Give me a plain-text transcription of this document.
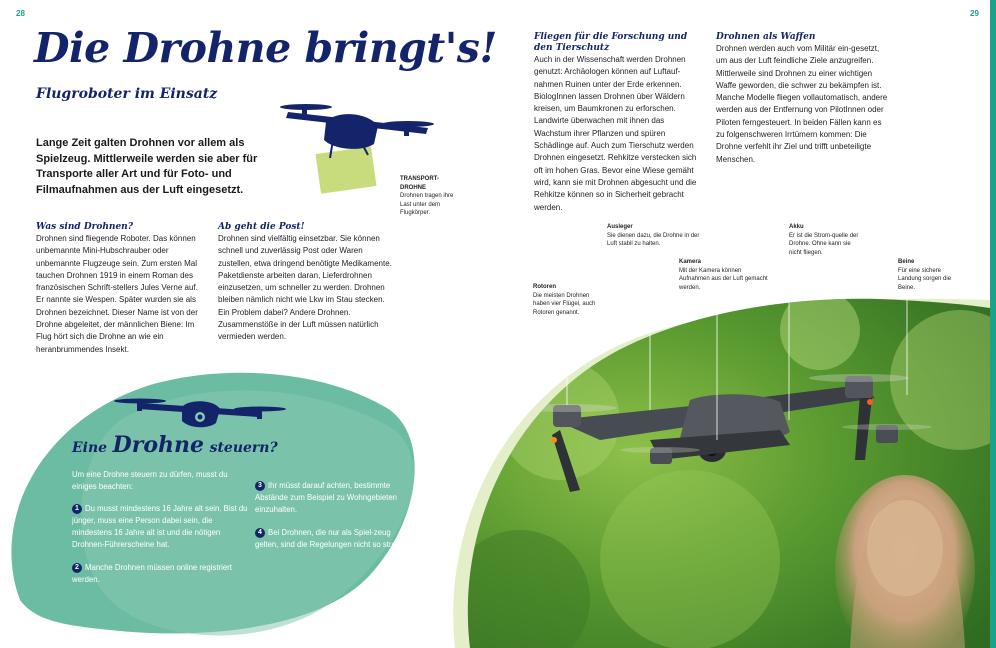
28	29
Die Drohne bringt's!
Flugroboter im Einsatz
TRANSPORT-DROHNE
Drohnen tragen ihre Last unter dem Flugkörper.
Lange Zeit galten Drohnen vor allem als Spielzeug. Mittlerweile werden sie aber für Transporte aller Art und für Foto- und Filmaufnahmen aus der Luft eingesetzt.
Was sind Drohnen?
Drohnen sind fliegende Roboter. Das können unbemannte Mini-Hubschrauber oder unbemannte Flugzeuge sein. Zum ersten Mal tauchen Drohnen 1919 in einem Roman des französischen Schrift-stellers Jules Verne auf. Er nannte sie Wespen. Später wurden sie als Drohnen bezeichnet. Dieser Name ist von der Drohne abgeleitet, der männlichen Biene: Im Flug hört sich die Drohne an wie ein heranbrummendes Insekt.
Ab geht die Post!
Drohnen sind vielfältig einsetzbar. Sie können schnell und zuverlässig Post oder Waren zustellen, etwa dringend benötigte Medikamente. Paketdienste arbeiten daran, Lieferdrohnen einzusetzen, um schneller zu werden. Drohnen bleiben nämlich nicht wie Lkw im Stau stecken. Ein Problem dabei? Andere Drohnen. Zusammenstöße in der Luft müssen natürlich vermieden werden.
Fliegen für die Forschung und den Tierschutz
Auch in der Wissenschaft werden Drohnen genutzt: Archäologen können auf Luftauf-nahmen Ruinen unter der Erde erkennen. BiologInnen lassen Drohnen über Wäldern kreisen, um Baumkronen zu erforschen. Landwirte überwachen mit ihnen das Wachstum ihrer Pflanzen und spüren Schädlinge auf. Auch zum Tierschutz werden Drohnen eingesetzt. Rehkitze verstecken sich oft im hohen Gras. Bevor eine Wiese gemäht wird, kann sie mit Drohnen abgesucht und die Rehkitze können so in Sicherheit gebracht werden.
Drohnen als Waffen
Drohnen werden auch vom Militär ein-gesetzt, um aus der Luft feindliche Ziele anzugreifen. Mittlerweile sind Drohnen zu einer wichtigen Waffe geworden, die schwer zu bekämpfen ist. Manche Modelle fliegen vollautomatisch, andere werden aus der Entfernung von PilotInnen oder Piloten ferngesteuert. In beiden Fällen kann es zu folgenschweren Irrtümern kommen: Die Drohne verfehlt ihr Ziel und trifft unbeteiligte Menschen.
Eine Drohne steuern?
Um eine Drohne steuern zu dürfen, musst du einiges beachten:
1 Du musst mindestens 16 Jahre alt sein. Bist du jünger, muss eine Person dabei sein, die mindestens 16 Jahre alt ist und die nötigen Drohnen-Führerscheine hat.
2 Manche Drohnen müssen online registriert werden.
3 Ihr müsst darauf achten, bestimmte Abstände zum Beispiel zu Wohngebieten einzuhalten.
4 Bei Drohnen, die nur als Spiel-zeug gelten, sind die Regelungen nicht so streng.
Rotoren
Die meisten Drohnen haben vier Flügel, auch Rotoren genannt.
Ausleger
Sie dienen dazu, die Drohne in der Luft stabil zu halten.
Kamera
Mit der Kamera können Aufnahmen aus der Luft gemacht werden.
Akku
Er ist die Strom-quelle der Drohne. Ohne kann sie nicht fliegen.
Beine
Für eine sichere Landung sorgen die Beine.
